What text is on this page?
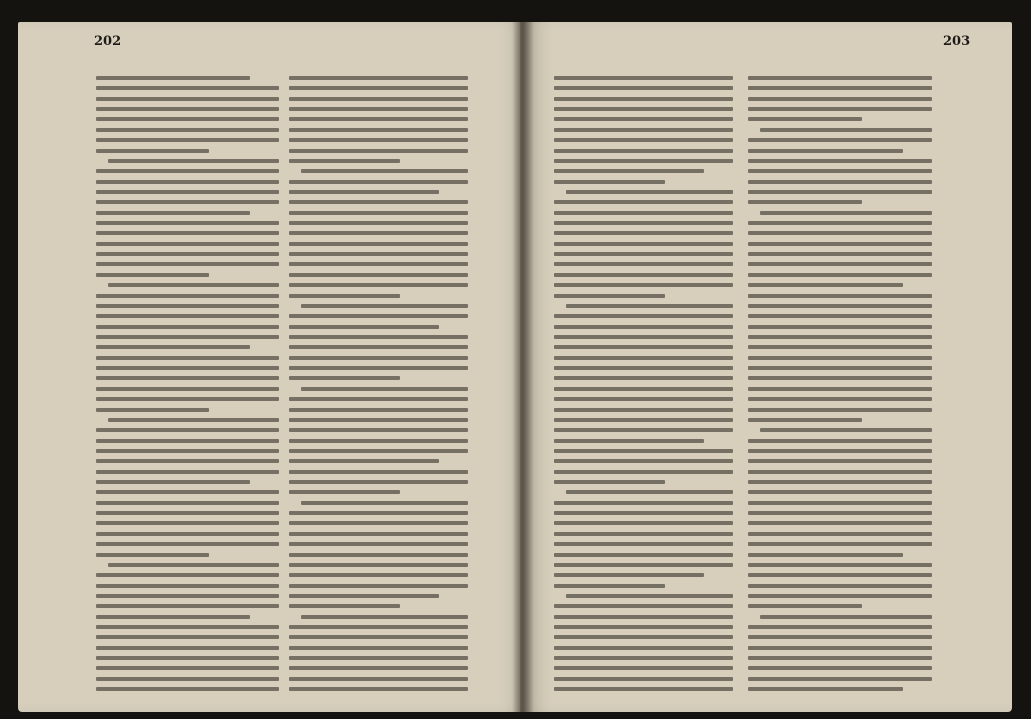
202	203
